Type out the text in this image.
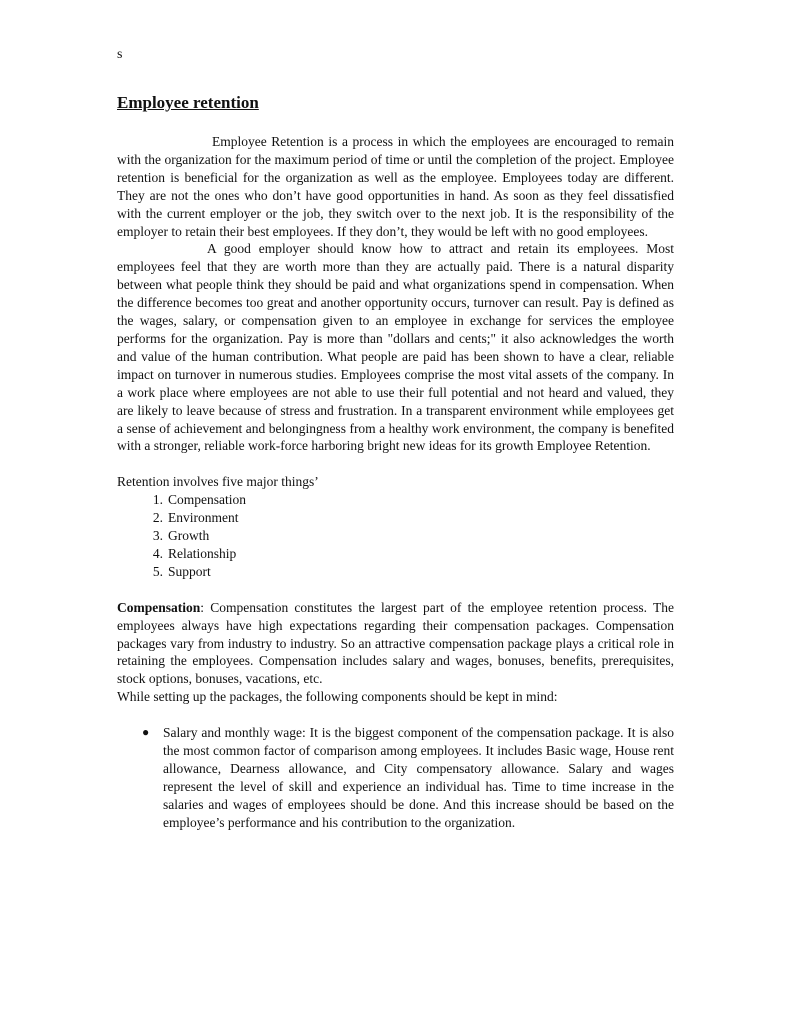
s
Employee retention

Employee Retention is a process in which the employees are encouraged to remain with the organization for the maximum period of time or until the completion of the project. Employee retention is beneficial for the organization as well as the employee. Employees today are different. They are not the ones who don’t have good opportunities in hand. As soon as they feel dissatisfied with the current employer or the job, they switch over to the next job. It is the responsibility of the employer to retain their best employees. If they don’t, they would be left with no good employees.

A good employer should know how to attract and retain its employees. Most employees feel that they are worth more than they are actually paid. There is a natural disparity between what people think they should be paid and what organizations spend in compensation. When the difference becomes too great and another opportunity occurs, turnover can result. Pay is defined as the wages, salary, or compensation given to an employee in exchange for services the employee performs for the organization. Pay is more than "dollars and cents;" it also acknowledges the worth and value of the human contribution. What people are paid has been shown to have a clear, reliable impact on turnover in numerous studies. Employees comprise the most vital assets of the company. In a work place where employees are not able to use their full potential and not heard and valued, they are likely to leave because of stress and frustration. In a transparent environment while employees get a sense of achievement and belongingness from a healthy work environment, the company is benefited with a stronger, reliable work-force harboring bright new ideas for its growth Employee Retention.

Retention involves five major things’

1. Compensation
2. Environment
3. Growth
4. Relationship
5. Support

Compensation: Compensation constitutes the largest part of the employee retention process. The employees always have high expectations regarding their compensation packages. Compensation packages vary from industry to industry. So an attractive compensation package plays a critical role in retaining the employees. Compensation includes salary and wages, bonuses, benefits, prerequisites, stock options, bonuses, vacations, etc.

While setting up the packages, the following components should be kept in mind:

●	Salary and monthly wage: It is the biggest component of the compensation package. It is also the most common factor of comparison among employees. It includes Basic wage, House rent allowance, Dearness allowance, and City compensatory allowance. Salary and wages represent the level of skill and experience an individual has. Time to time increase in the salaries and wages of employees should be done. And this increase should be based on the employee’s performance and his contribution to the organization.
